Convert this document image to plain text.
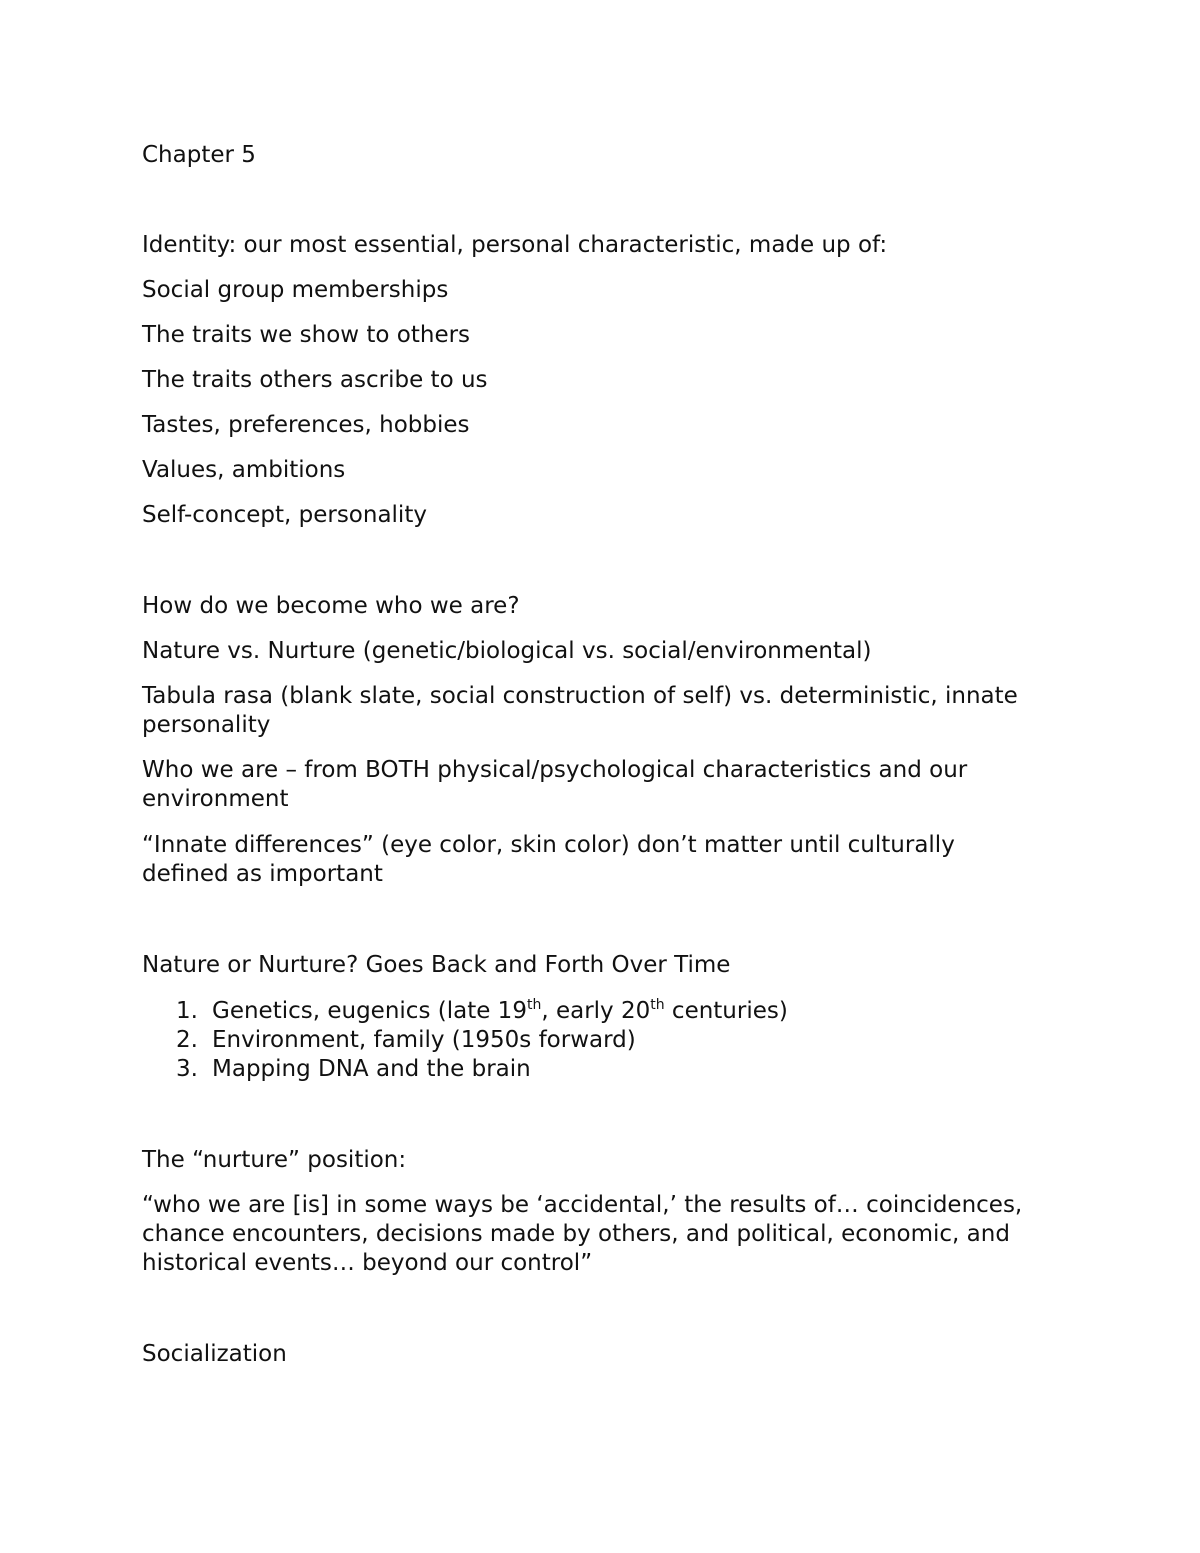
Chapter 5
Identity: our most essential, personal characteristic, made up of:
Social group memberships
The traits we show to others
The traits others ascribe to us
Tastes, preferences, hobbies
Values, ambitions
Self-concept, personality
How do we become who we are?
Nature vs. Nurture (genetic/biological vs. social/environmental)
Tabula rasa (blank slate, social construction of self) vs. deterministic, innate personality
Who we are – from BOTH physical/psychological characteristics and our environment
“Innate differences” (eye color, skin color) don’t matter until culturally defined as important
Nature or Nurture? Goes Back and Forth Over Time
1. Genetics, eugenics (late 19th, early 20th centuries)
2. Environment, family (1950s forward)
3. Mapping DNA and the brain
The “nurture” position:
“who we are [is] in some ways be ‘accidental,’ the results of… coincidences, chance encounters, decisions made by others, and political, economic, and historical events… beyond our control”
Socialization
